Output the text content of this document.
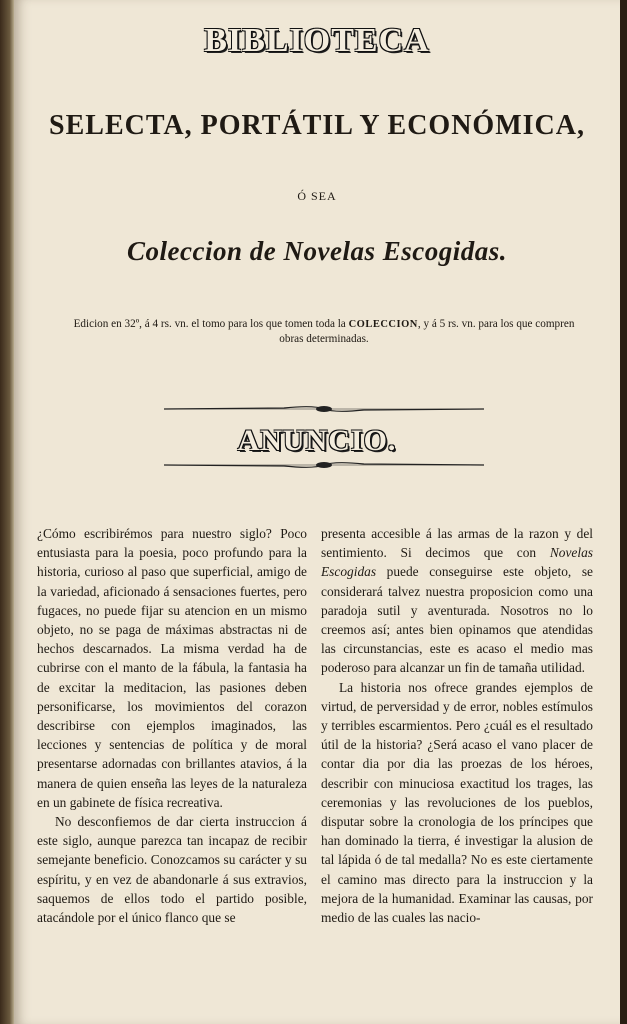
BIBLIOTECA
SELECTA, PORTÁTIL Y ECONÓMICA,
Ó SEA
Coleccion de Novelas Escogidas.
Edicion en 32º, á 4 rs. vn. el tomo para los que tomen toda la COLECCION, y á 5 rs. vn. para los que compren obras determinadas.
ANUNCIO.

¿Cómo escribirémos para nuestro siglo? Poco entusiasta para la poesia, poco profundo para la historia, curioso al paso que superficial, amigo de la variedad, aficionado á sensaciones fuertes, pero fugaces, no puede fijar su atencion en un mismo objeto, no se paga de máximas abstractas ni de hechos descarnados. La misma verdad ha de cubrirse con el manto de la fábula, la fantasia ha de excitar la meditacion, las pasiones deben personificarse, los movimientos del corazon describirse con ejemplos imaginados, las lecciones y sentencias de política y de moral presentarse adornadas con brillantes atavios, á la manera de quien enseña las leyes de la naturaleza en un gabinete de física recreativa.

No desconfiemos de dar cierta instruccion á este siglo, aunque parezca tan incapaz de recibir semejante beneficio. Conozcamos su carácter y su espíritu, y en vez de abandonarle á sus extravios, saquemos de ellos todo el partido posible, atacándole por el único flanco que se

presenta accesible á las armas de la razon y del sentimiento. Si decimos que con Novelas Escogidas puede conseguirse este objeto, se considerará talvez nuestra proposicion como una paradoja sutil y aventurada. Nosotros no lo creemos así; antes bien opinamos que atendidas las circunstancias, este es acaso el medio mas poderoso para alcanzar un fin de tamaña utilidad.

La historia nos ofrece grandes ejemplos de virtud, de perversidad y de error, nobles estímulos y terribles escarmientos. Pero ¿cuál es el resultado útil de la historia? ¿Será acaso el vano placer de contar dia por dia las proezas de los héroes, describir con minuciosa exactitud los trages, las ceremonias y las revoluciones de los pueblos, disputar sobre la cronologia de los príncipes que han dominado la tierra, é investigar la alusion de tal lápida ó de tal medalla? No es este ciertamente el camino mas directo para la instruccion y la mejora de la humanidad. Examinar las causas, por medio de las cuales las nacio-
